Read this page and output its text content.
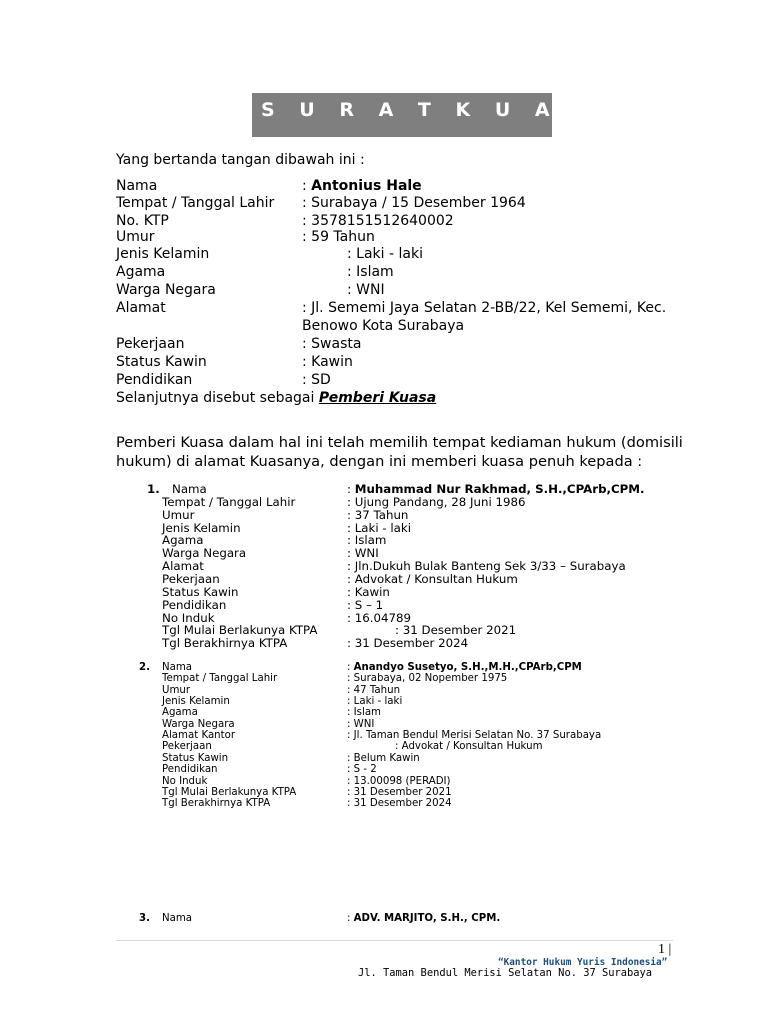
S U R A T K U A S A
Yang bertanda tangan dibawah ini :
Nama	: Antonius Hale
Tempat / Tanggal Lahir : Surabaya / 15 Desember 1964
No. KTP	: 3578151512640002
Umur	: 59 Tahun
Jenis Kelamin	: Laki - laki
Agama	: Islam
Warga Negara	: WNI
Alamat	: Jl. Sememi Jaya Selatan 2-BB/22, Kel Sememi, Kec.
Benowo Kota Surabaya
Pekerjaan	: Swasta
Status Kawin	: Kawin
Pendidikan	: SD
Selanjutnya disebut sebagai Pemberi Kuasa
Pemberi Kuasa dalam hal ini telah memilih tempat kediaman hukum (domisili
hukum) di alamat Kuasanya, dengan ini memberi kuasa penuh kepada :
1. Nama	: Muhammad Nur Rakhmad, S.H.,CPArb,CPM.
Tempat / Tanggal Lahir	: Ujung Pandang, 28 Juni 1986
Umur	: 37 Tahun
Jenis Kelamin	: Laki - laki
Agama	: Islam
Warga Negara	: WNI
Alamat	: Jln.Dukuh Bulak Banteng Sek 3/33 – Surabaya
Pekerjaan	: Advokat / Konsultan Hukum
Status Kawin	: Kawin
Pendidikan	: S – 1
No Induk	: 16.04789
Tgl Mulai Berlakunya KTPA	: 31 Desember 2021
Tgl Berakhirnya KTPA	: 31 Desember 2024
2. Nama	: Anandyo Susetyo, S.H.,M.H.,CPArb,CPM
Tempat / Tanggal Lahir	: Surabaya, 02 Nopember 1975
Umur	: 47 Tahun
Jenis Kelamin	: Laki - laki
Agama	: Islam
Warga Negara	: WNI
Alamat Kantor	: Jl. Taman Bendul Merisi Selatan No. 37 Surabaya
Pekerjaan	: Advokat / Konsultan Hukum
Status Kawin	: Belum Kawin
Pendidikan	: S - 2
No Induk	: 13.00098 (PERADI)
Tgl Mulai Berlakunya KTPA	: 31 Desember 2021
Tgl Berakhirnya KTPA	: 31 Desember 2024
3. Nama	: ADV. MARJITO, S.H., CPM.
1 |
“Kantor Hukum Yuris Indonesia”
Jl. Taman Bendul Merisi Selatan No. 37 Surabaya
